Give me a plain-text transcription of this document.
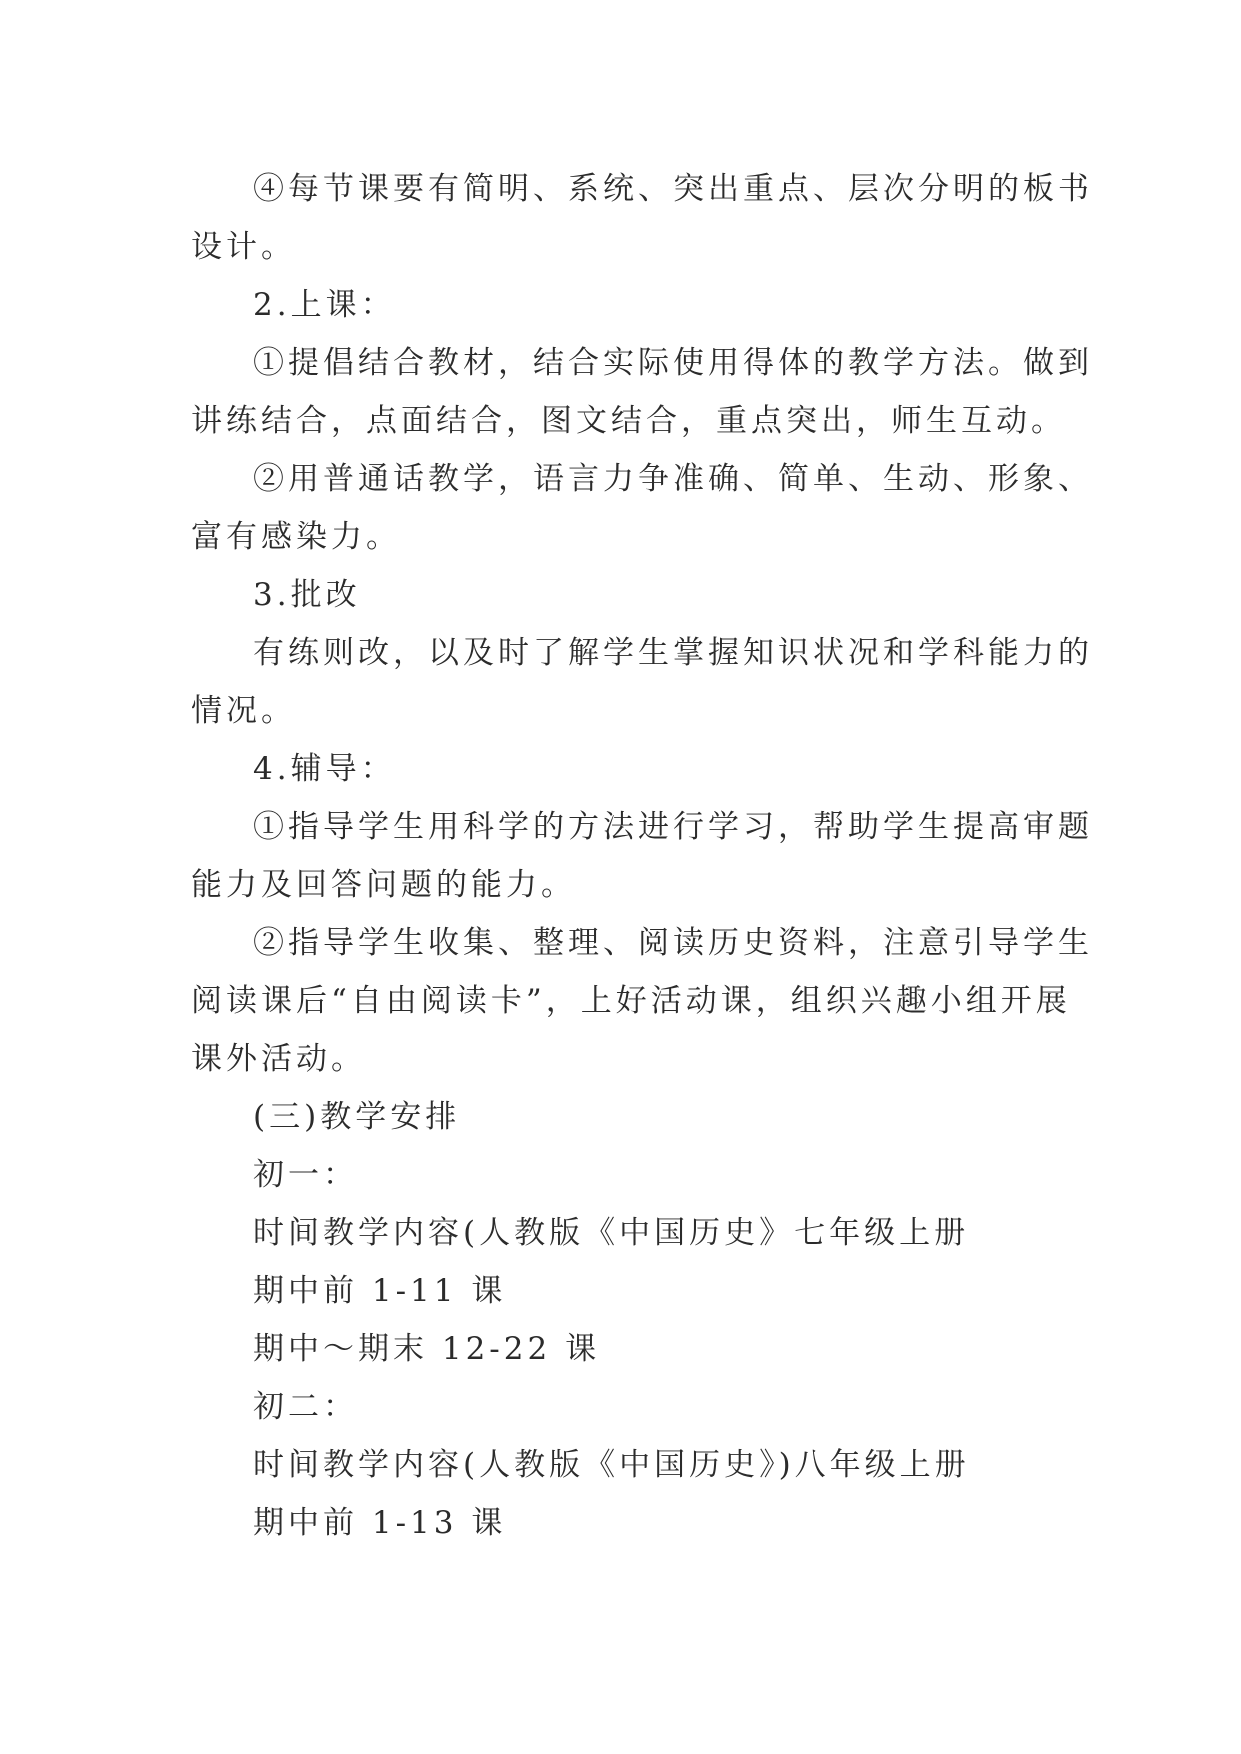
④每节课要有简明、系统、突出重点、层次分明的板书
设计。
2.上课：
①提倡结合教材，结合实际使用得体的教学方法。做到
讲练结合，点面结合，图文结合，重点突出，师生互动。
②用普通话教学，语言力争准确、简单、生动、形象、
富有感染力。
3.批改
有练则改，以及时了解学生掌握知识状况和学科能力的
情况。
4.辅导：
①指导学生用科学的方法进行学习，帮助学生提高审题
能力及回答问题的能力。
②指导学生收集、整理、阅读历史资料，注意引导学生
阅读课后“自由阅读卡”，上好活动课，组织兴趣小组开展
课外活动。
(三)教学安排
初一：
时间教学内容(人教版《中国历史》七年级上册
期中前 1-11 课
期中～期末 12-22 课
初二：
时间教学内容(人教版《中国历史》)八年级上册
期中前 1-13 课
